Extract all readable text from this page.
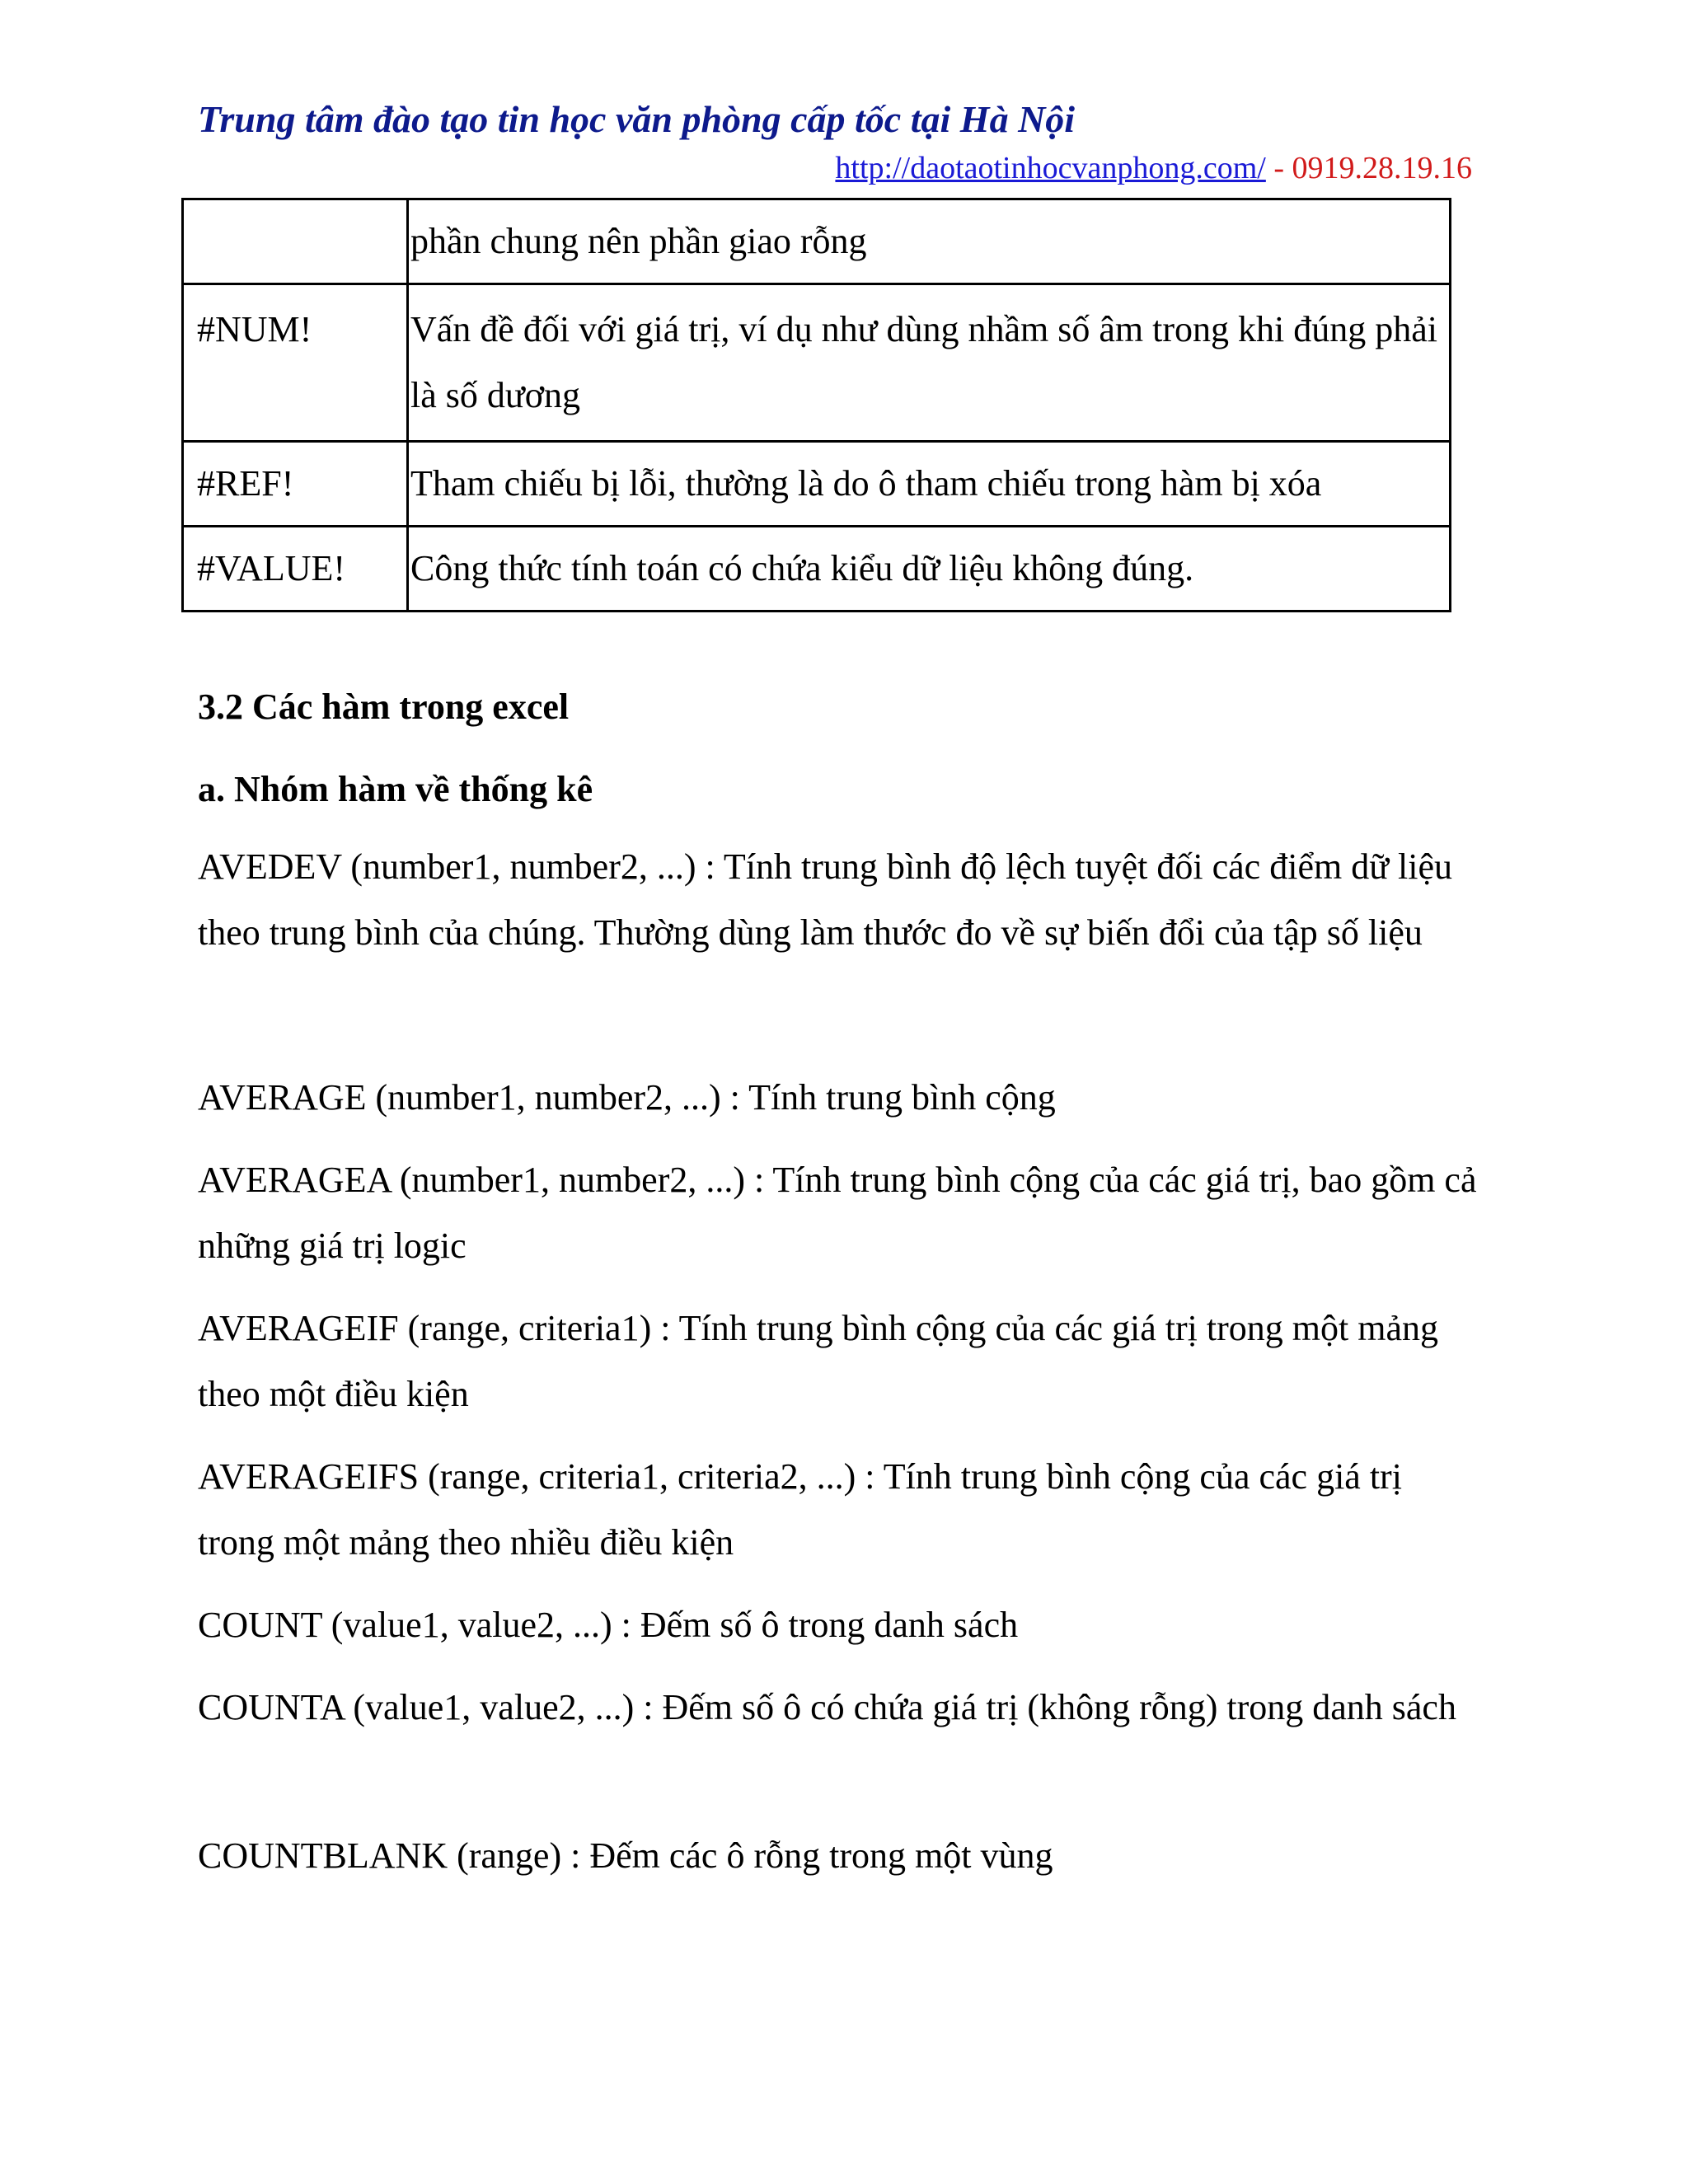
Trung tâm đào tạo tin học văn phòng cấp tốc tại Hà Nội
http://daotaotinhocvanphong.com/ - 0919.28.19.16

	phần chung nên phần giao rỗng

#NUM!	Vấn đề đối với giá trị, ví dụ như dùng nhầm số âm trong khi đúng phải là số dương

#REF!	Tham chiếu bị lỗi, thường là do ô tham chiếu trong hàm bị xóa

#VALUE!	Công thức tính toán có chứa kiểu dữ liệu không đúng.
3.2 Các hàm trong excel
a. Nhóm hàm về thống kê
AVEDEV (number1, number2, ...) : Tính trung bình độ lệch tuyệt đối các điểm dữ liệu theo trung bình của chúng. Thường dùng làm thước đo về sự biến đổi của tập số liệu
AVERAGE (number1, number2, ...) : Tính trung bình cộng
AVERAGEA (number1, number2, ...) : Tính trung bình cộng của các giá trị, bao gồm cả những giá trị logic
AVERAGEIF (range, criteria1) : Tính trung bình cộng của các giá trị trong một mảng theo một điều kiện
AVERAGEIFS (range, criteria1, criteria2, ...) : Tính trung bình cộng của các giá trị trong một mảng theo nhiều điều kiện
COUNT (value1, value2, ...) : Đếm số ô trong danh sách
COUNTA (value1, value2, ...) : Đếm số ô có chứa giá trị (không rỗng) trong danh sách
COUNTBLANK (range) : Đếm các ô rỗng trong một vùng
